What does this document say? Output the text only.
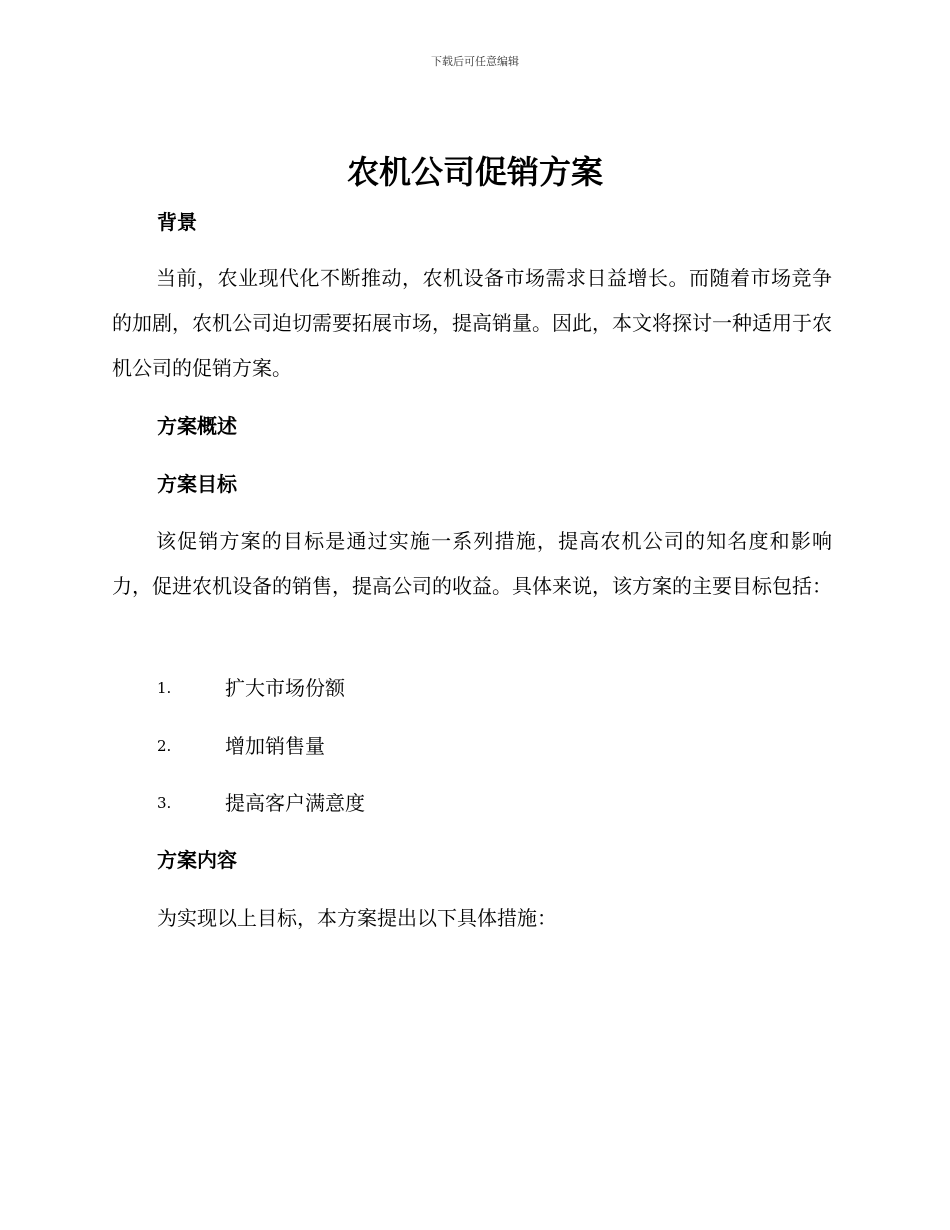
下载后可任意编辑
农机公司促销方案
背景

当前，农业现代化不断推动，农机设备市场需求日益增长。而随着市场竞争的加剧，农机公司迫切需要拓展市场，提高销量。因此，本文将探讨一种适用于农机公司的促销方案。

方案概述
方案目标

该促销方案的目标是通过实施一系列措施，提高农机公司的知名度和影响力，促进农机设备的销售，提高公司的收益。具体来说，该方案的主要目标包括：

1.	扩大市场份额
2.	增加销售量
3.	提高客户满意度
方案内容

为实现以上目标，本方案提出以下具体措施：
